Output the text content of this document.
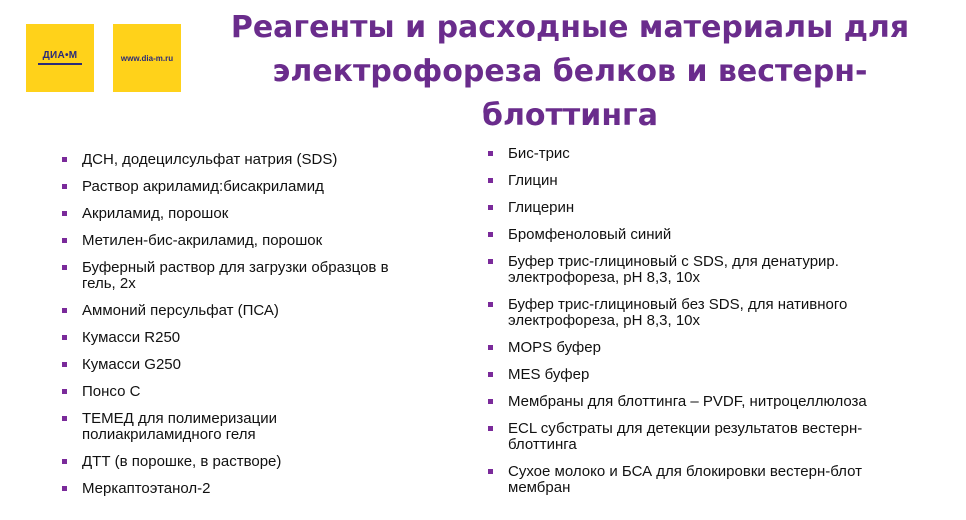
ДИА•М	www.dia-m.ru
Реагенты и расходные материалы для
электрофореза белков и вестерн-блоттинга
ДСН, додецилсульфат натрия (SDS)
Раствор акриламид:бисакриламид
Акриламид, порошок
Метилен-бис-акриламид, порошок
Буферный раствор для загрузки образцов в
гель, 2x
Аммоний персульфат (ПСА)
Кумасси R250
Кумасси G250
Понсо С
ТЕМЕД для полимеризации
полиакриламидного геля
ДТТ (в порошке, в растворе)
Меркаптоэтанол-2
Бис-трис
Глицин
Глицерин
Бромфеноловый синий
Буфер трис-глициновый с SDS, для денатурир.
электрофореза, pH 8,3, 10x
Буфер трис-глициновый без SDS, для нативного
электрофореза, pH 8,3, 10x
MOPS буфер
MES буфер
Мембраны для блоттинга – PVDF, нитроцеллюлоза
ECL субстраты для детекции результатов вестерн-
блоттинга
Сухое молоко и БСА для блокировки вестерн-блот
мембран
